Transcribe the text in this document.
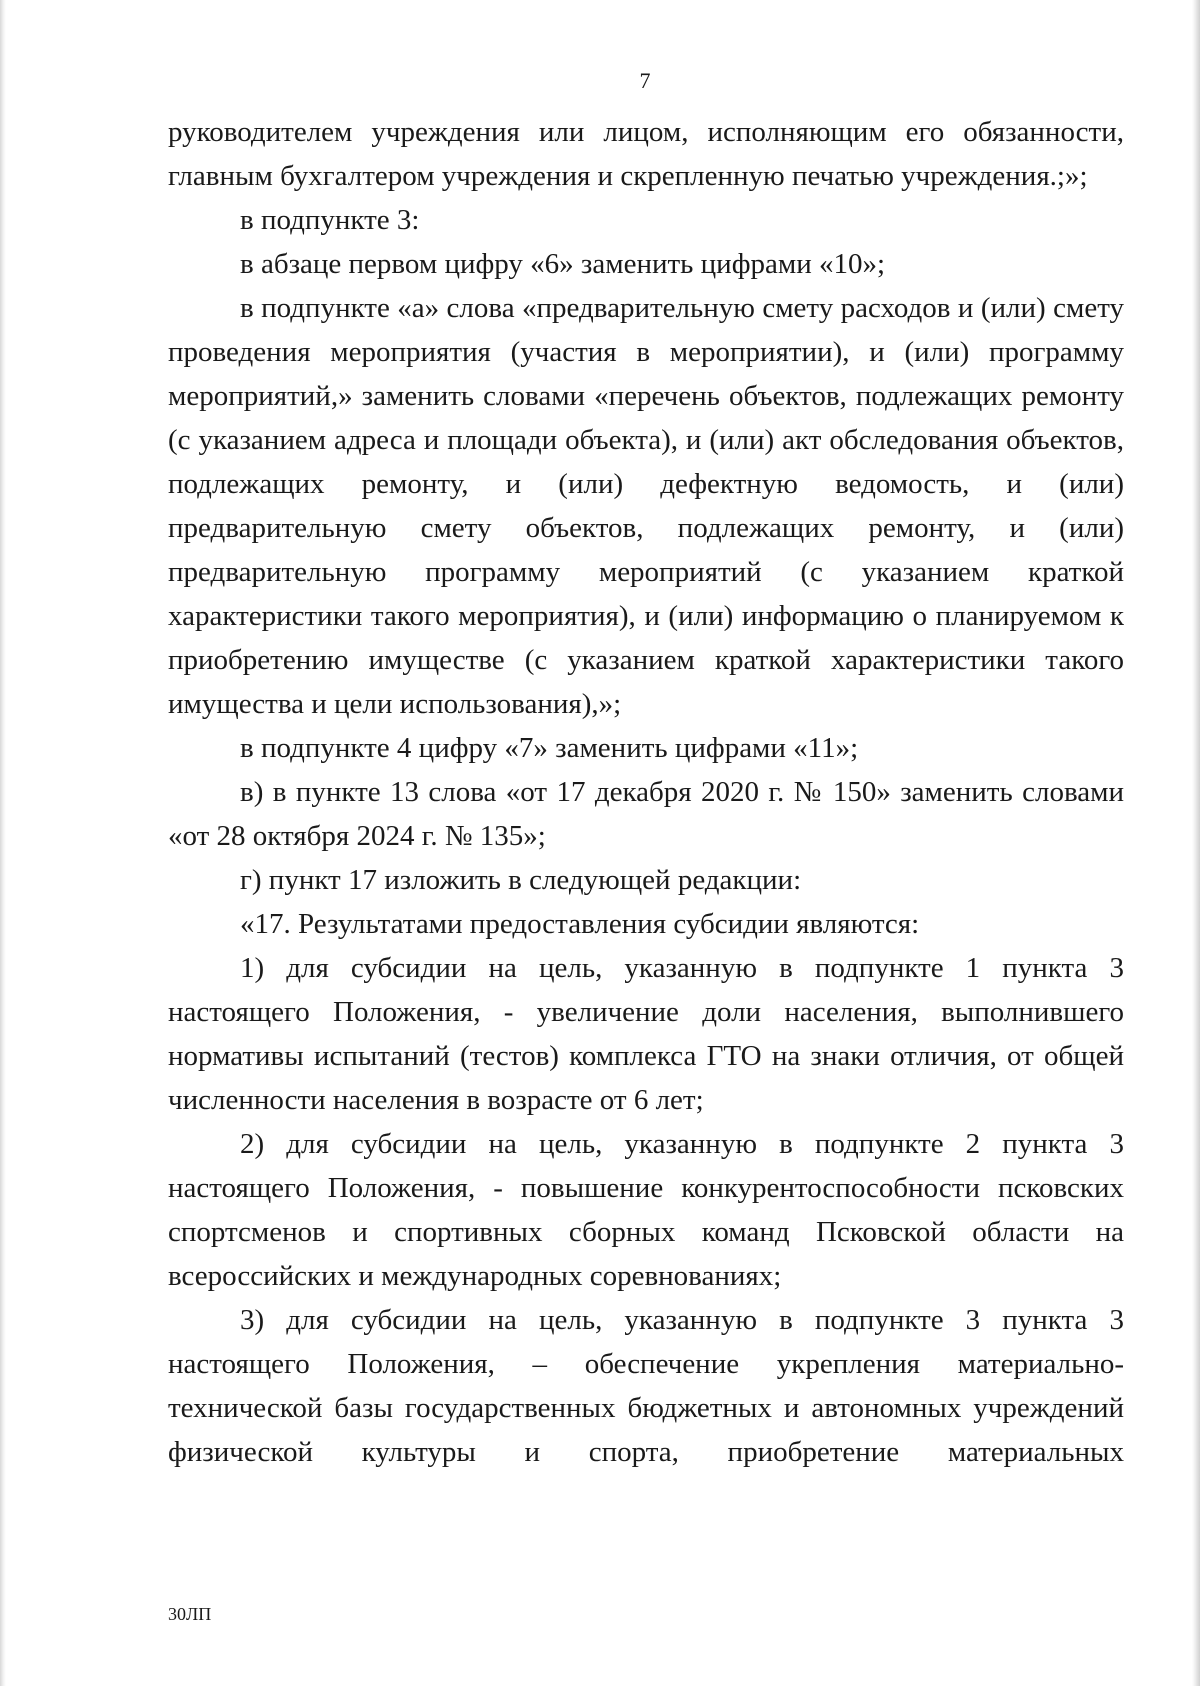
7

руководителем учреждения или лицом, исполняющим его обязанности, главным бухгалтером учреждения и скрепленную печатью учреждения.;»;

в подпункте 3:

в абзаце первом цифру «6» заменить цифрами «10»;

в подпункте «а» слова «предварительную смету расходов и (или) смету проведения мероприятия (участия в мероприятии), и (или) программу мероприятий,» заменить словами «перечень объектов, подлежащих ремонту (с указанием адреса и площади объекта), и (или) акт обследования объектов, подлежащих ремонту, и (или) дефектную ведомость, и (или) предварительную смету объектов, подлежащих ремонту, и (или) предварительную программу мероприятий (с указанием краткой характеристики такого мероприятия), и (или) информацию о планируемом к приобретению имуществе (с указанием краткой характеристики такого имущества и цели использования),»;

в подпункте 4 цифру «7» заменить цифрами «11»;

в) в пункте 13 слова «от 17 декабря 2020 г. № 150» заменить словами «от 28 октября 2024 г. № 135»;

г) пункт 17 изложить в следующей редакции:

«17. Результатами предоставления субсидии являются:

1) для субсидии на цель, указанную в подпункте 1 пункта 3 настоящего Положения, - увеличение доли населения, выполнившего нормативы испытаний (тестов) комплекса ГТО на знаки отличия, от общей численности населения в возрасте от 6 лет;

2) для субсидии на цель, указанную в подпункте 2 пункта 3 настоящего Положения, - повышение конкурентоспособности псковских спортсменов и спортивных сборных команд Псковской области на всероссийских и международных соревнованиях;

3) для субсидии на цель, указанную в подпункте 3 пункта 3 настоящего Положения, – обеспечение укрепления материально-технической базы государственных бюджетных и автономных учреждений физической культуры и спорта, приобретение материальных

30ЛП
